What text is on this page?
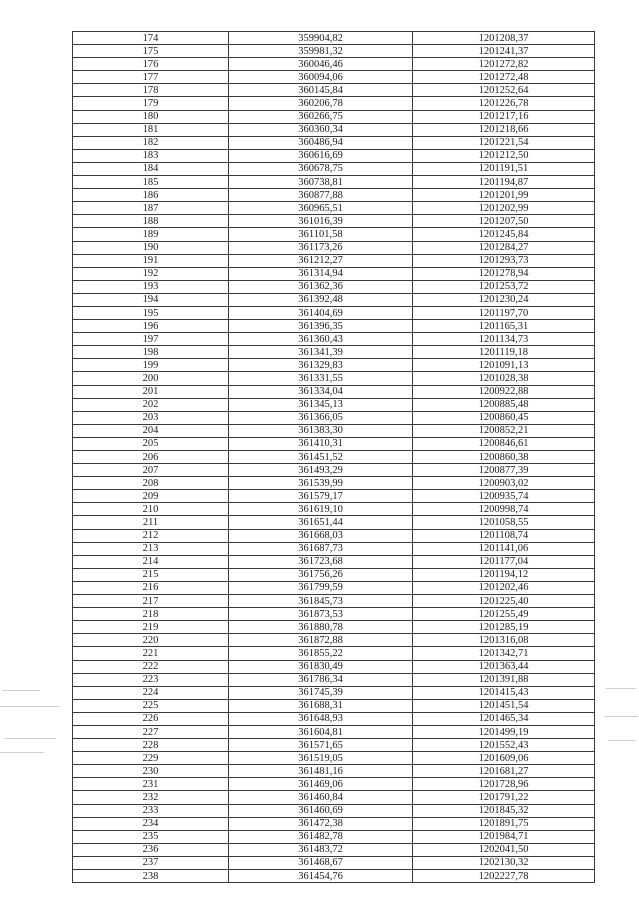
174	359904,82	1201208,37
175	359981,32	1201241,37
176	360046,46	1201272,82
177	360094,06	1201272,48
178	360145,84	1201252,64
179	360206,78	1201226,78
180	360266,75	1201217,16
181	360360,34	1201218,66
182	360486,94	1201221,54
183	360616,69	1201212,50
184	360678,75	1201191,51
185	360738,81	1201194,87
186	360877,88	1201201,99
187	360965,51	1201202,99
188	361016,39	1201207,50
189	361101,58	1201245,84
190	361173,26	1201284,27
191	361212,27	1201293,73
192	361314,94	1201278,94
193	361362,36	1201253,72
194	361392,48	1201230,24
195	361404,69	1201197,70
196	361396,35	1201165,31
197	361360,43	1201134,73
198	361341,39	1201119,18
199	361329,83	1201091,13
200	361331,55	1201028,38
201	361334,04	1200922,88
202	361345,13	1200885,48
203	361366,05	1200860,45
204	361383,30	1200852,21
205	361410,31	1200846,61
206	361451,52	1200860,38
207	361493,29	1200877,39
208	361539,99	1200903,02
209	361579,17	1200935,74
210	361619,10	1200998,74
211	361651,44	1201058,55
212	361668,03	1201108,74
213	361687,73	1201141,06
214	361723,68	1201177,04
215	361756,26	1201194,12
216	361799,59	1201202,46
217	361845,73	1201225,40
218	361873,53	1201255,49
219	361880,78	1201285,19
220	361872,88	1201316,08
221	361855,22	1201342,71
222	361830,49	1201363,44
223	361786,34	1201391,88
224	361745,39	1201415,43
225	361688,31	1201451,54
226	361648,93	1201465,34
227	361604,81	1201499,19
228	361571,65	1201552,43
229	361519,05	1201609,06
230	361481,16	1201681,27
231	361469,06	1201728,96
232	361460,84	1201791,22
233	361460,69	1201845,32
234	361472,38	1201891,75
235	361482,78	1201984,71
236	361483,72	1202041,50
237	361468,67	1202130,32
238	361454,76	1202227,78
